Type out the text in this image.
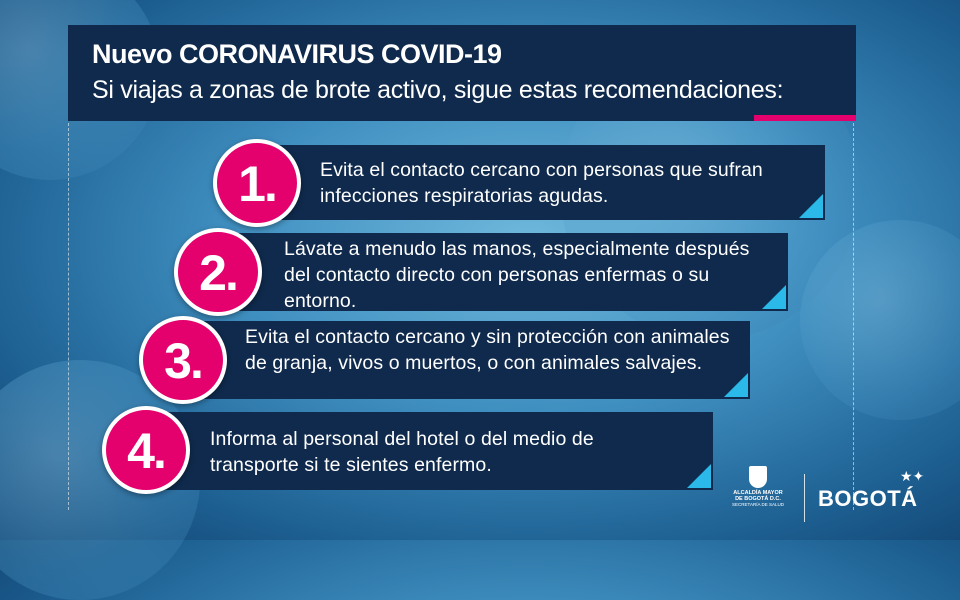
Nuevo CORONAVIRUS COVID-19
Si viajas a zonas de brote activo, sigue estas recomendaciones:
Evita el contacto cercano con personas que sufran infecciones respiratorias agudas.
1.
Lávate a menudo las manos, especialmente después del contacto directo con personas enfermas o su entorno.
2.
Evita el contacto cercano y sin protección con animales de granja, vivos o muertos, o con animales salvajes.
3.
Informa al personal del hotel o del medio de transporte si te sientes enfermo.
4.
ALCALDÍA MAYOR
DE BOGOTÁ D.C.
SECRETARÍA DE SALUD BOGOTÁ
★✦
